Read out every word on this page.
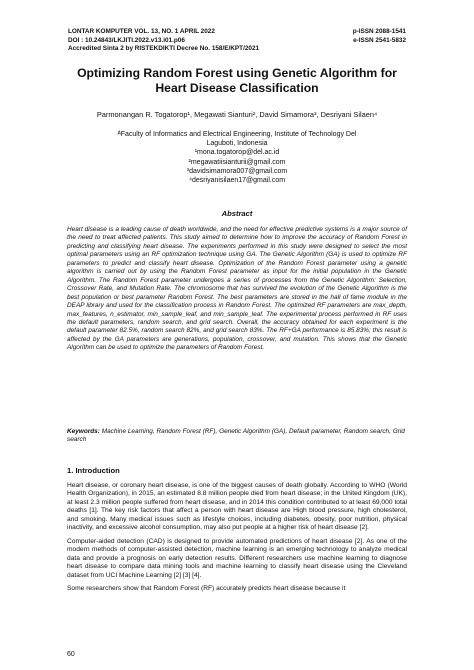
LONTAR KOMPUTER VOL. 13, NO. 1 APRIL 2022	p-ISSN 2088-1541
DOI : 10.24843/LKJITI.2022.v13.i01.p06	e-ISSN 2541-5832
Accredited Sinta 2 by RISTEKDIKTI Decree No. 158/E/KPT/2021
Optimizing Random Forest using Genetic Algorithm for
Heart Disease Classification
Parmonangan R. Togatorop¹, Megawati Sianturi², David Simamora³, Desriyani Silaen⁴
ᴬFaculty of Informatics and Electrical Engineering, Institute of Technology Del
Laguboti, Indonesia
¹mona.togatorop@del.ac.id
²megawatiisianturii@gmail.com
³davidsimamora007@gmail.com
⁴desriyanisilaen17@gmail.com
Abstract
Heart disease is a leading cause of death worldwide, and the need for effective predictive systems is a major source of the need to treat affected patients. This study aimed to determine how to improve the accuracy of Random Forest in predicting and classifying heart disease. The experiments performed in this study were designed to select the most optimal parameters using an RF optimization technique using GA. The Genetic Algorithm (GA) is used to optimize RF parameters to predict and classify heart disease. Optimization of the Random Forest parameter using a genetic algorithm is carried out by using the Random Forest parameter as input for the initial population in the Genetic Algorithm. The Random Forest parameter undergoes a series of processes from the Genetic Algorithm: Selection, Crossover Rate, and Mutation Rate. The chromosome that has survived the evolution of the Genetic Algorithm is the best population or best parameter Random Forest. The best parameters are stored in the hall of fame module in the DEAP library and used for the classification process in Random Forest. The optimized RF parameters are max_depth, max_features, n_estimator, min_sample_leaf, and min_sample_leaf. The experimental process performed in RF uses the default parameters, random search, and grid search. Overall, the accuracy obtained for each experiment is the default parameter 82.5%, random search 82%, and grid search 83%. The RF+GA performance is 85.83%; this result is affected by the GA parameters are generations, population, crossover, and mutation. This shows that the Genetic Algorithm can be used to optimize the parameters of Random Forest.
Keywords: Machine Learning, Random Forest (RF), Genetic Algorithm (GA), Default parameter, Random search, Grid search
1. Introduction

Heart disease, or coronary heart disease, is one of the biggest causes of death globally. According to WHO (World Health Organization), in 2015, an estimated 8.8 million people died from heart disease; in the United Kingdom (UK), at least 2.3 million people suffered from heart disease, and in 2014 this condition contributed to at least 69,000 total deaths [1]. The key risk factors that affect a person with heart disease are High blood pressure, high cholesterol, and smoking. Many medical issues such as lifestyle choices, including diabetes, obesity, poor nutrition, physical inactivity, and excessive alcohol consumption, may also put people at a higher risk of heart disease [2].

Computer-aided detection (CAD) is designed to provide automated predictions of heart disease [2]. As one of the modern methods of computer-assisted detection, machine learning is an emerging technology to analyze medical data and provide a prognosis on early detection results. Different researchers use machine learning to diagnose heart disease to compare data mining tools and machine learning to classify heart disease using the Cleveland dataset from UCI Machine Learning [2] [3] [4].

Some researchers show that Random Forest (RF) accurately predicts heart disease because it

60
